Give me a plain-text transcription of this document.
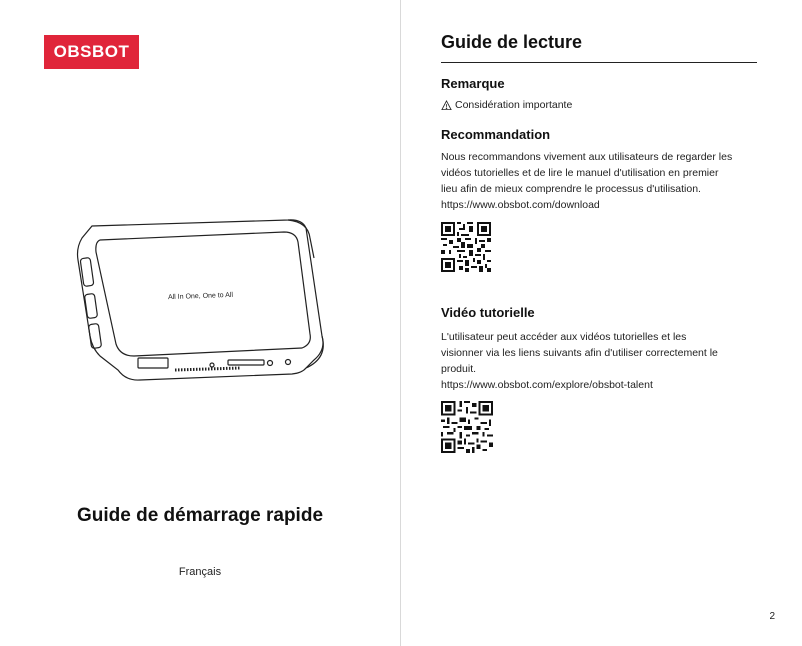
OBSBOT
All In One, One to All
Guide de démarrage rapide
Français
Guide de lecture
Remarque
Considération importante
Recommandation
Nous recommandons vivement aux utilisateurs de regarder les
vidéos tutorielles et de lire le manuel d'utilisation en premier
lieu afin de mieux comprendre le processus d'utilisation.
https://www.obsbot.com/download
Vidéo tutorielle
L'utilisateur peut accéder aux vidéos tutorielles et les
visionner via les liens suivants afin d'utiliser correctement le
produit.
https://www.obsbot.com/explore/obsbot-talent
2
